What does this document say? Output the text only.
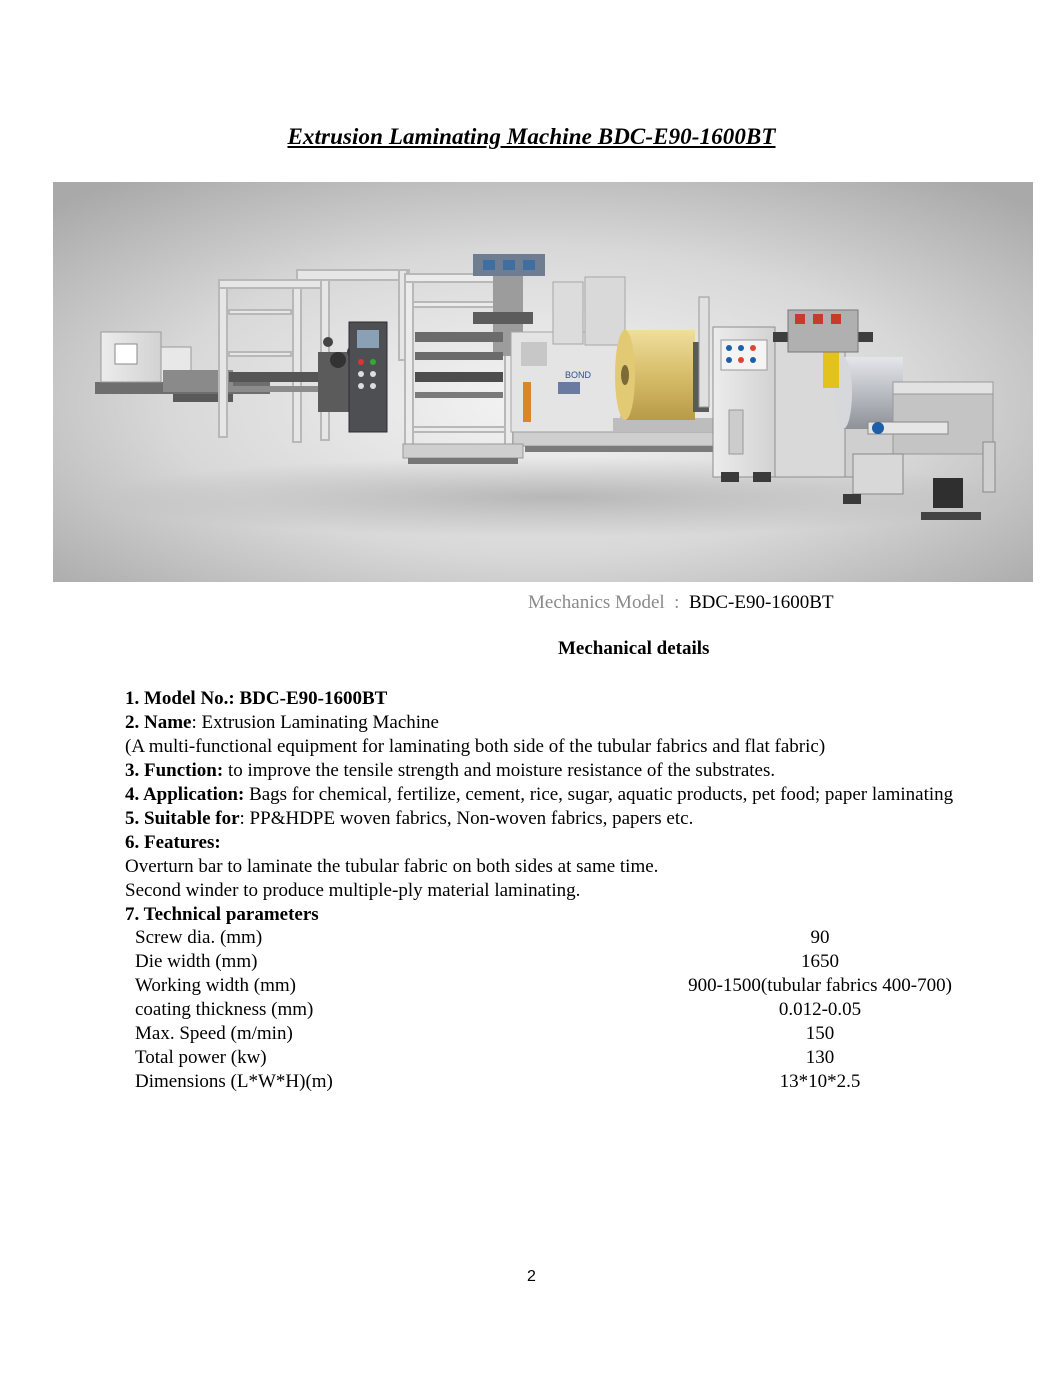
Extrusion Laminating Machine BDC-E90-1600BT
BOND
Mechanics Model  :  BDC-E90-1600BT
Mechanical details
1. Model No.: BDC-E90-1600BT
2. Name: Extrusion Laminating Machine
(A multi-functional equipment for laminating both side of the tubular fabrics and flat fabric)
3. Function: to improve the tensile strength and moisture resistance of the substrates.
4. Application: Bags for chemical, fertilize, cement, rice, sugar, aquatic products, pet food; paper laminating
5. Suitable for: PP&HDPE woven fabrics, Non-woven fabrics, papers etc.
6. Features:
Overturn bar to laminate the tubular fabric on both sides at same time.
Second winder to produce multiple-ply material laminating.
7. Technical parameters
Screw dia. (mm)	90
Die width (mm)	1650
Working width (mm)	900-1500(tubular fabrics 400-700)
coating thickness (mm)	0.012-0.05
Max. Speed (m/min)	150
Total power (kw)	130
Dimensions (L*W*H)(m)	13*10*2.5
2
